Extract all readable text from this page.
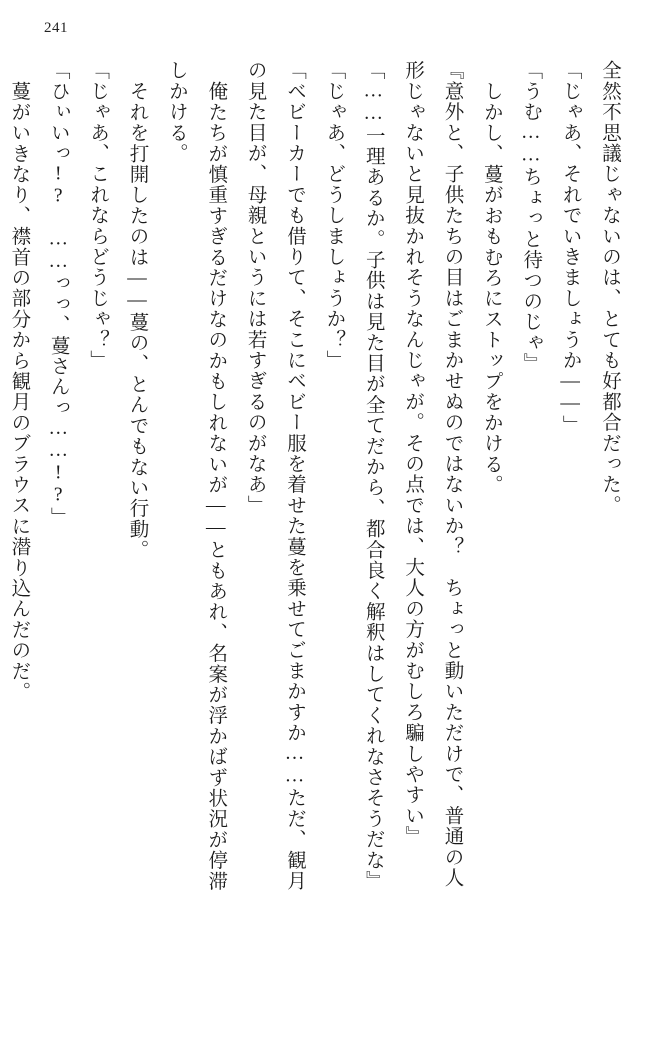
241

全然不思議じゃないのは、とても好都合だった。

「じゃあ、それでいきましょうか――」

「うむ……ちょっと待つのじゃ』

しかし、蔓がおもむろにストップをかける。

『意外と、子供たちの目はごまかせぬのではないか？　ちょっと動いただけで、普通の人

形じゃないと見抜かれそうなんじゃが。その点では、大人の方がむしろ騙しやすい』

「……一理あるか。子供は見た目が全てだから、都合良く解釈はしてくれなさそうだな』

「じゃあ、どうしましょうか？」

「ベビーカーでも借りて、そこにベビー服を着せた蔓を乗せてごまかすか……ただ、観月

の見た目が、母親というには若すぎるのがなあ」

俺たちが慎重すぎるだけなのかもしれないが――ともあれ、名案が浮かばず状況が停滞

しかける。

それを打開したのは――蔓の、とんでもない行動。

「じゃあ、これならどうじゃ？」

「ひぃいっ!?　……っっ、蔓さんっ……!?」

蔓がいきなり、襟首の部分から観月のブラウスに潜り込んだのだ。
